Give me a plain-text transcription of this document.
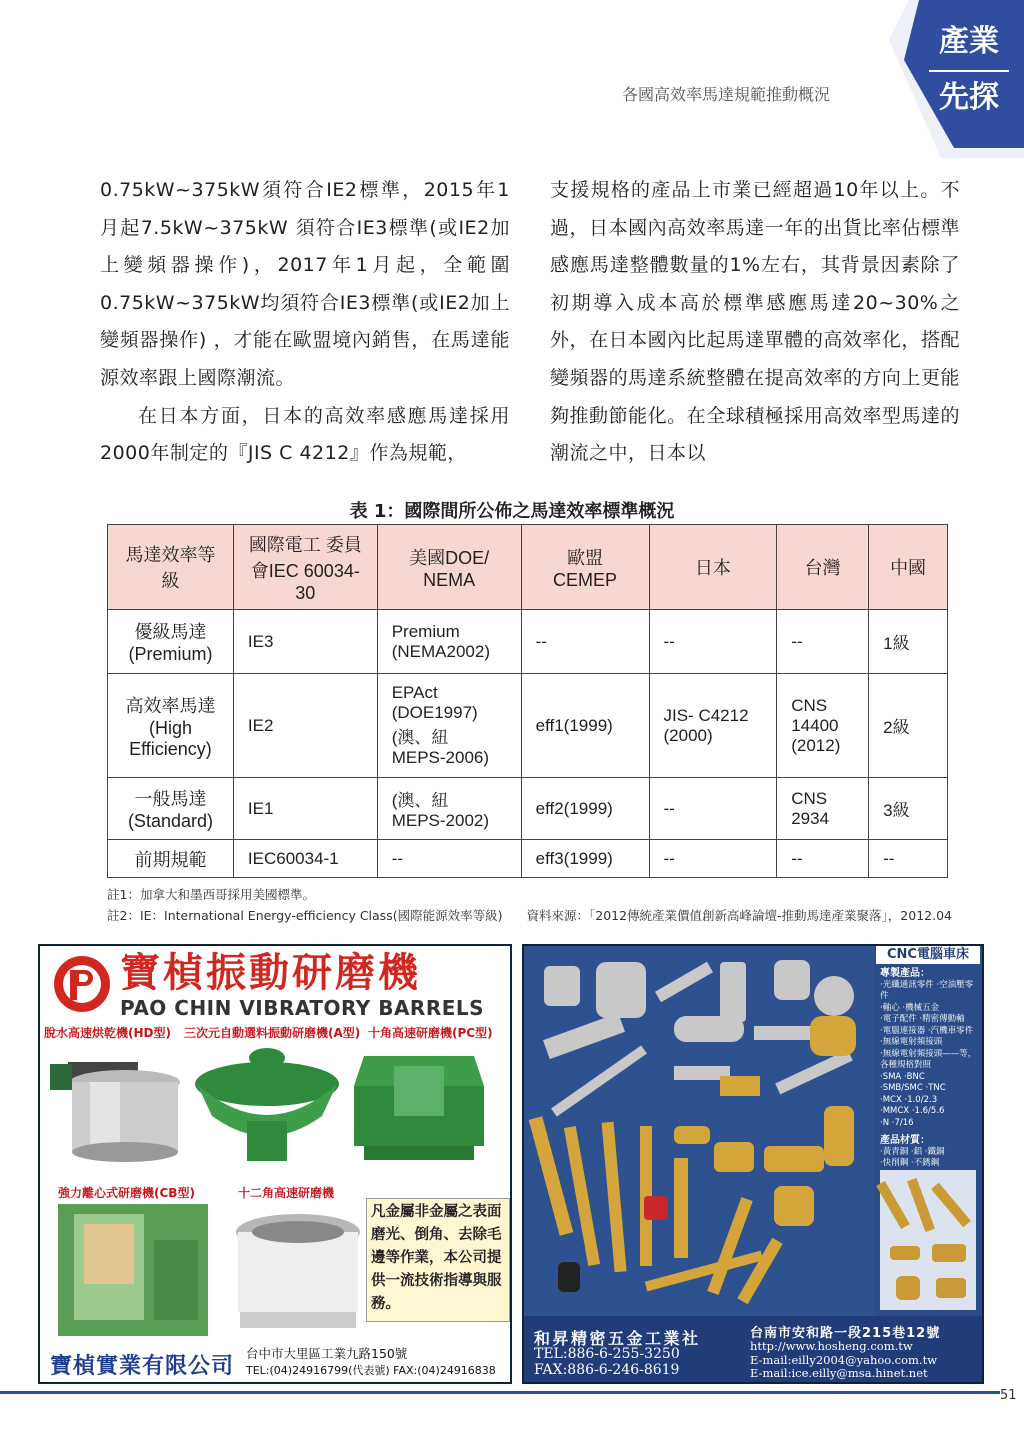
各國高效率馬達規範推動概況
產業
先探

0.75kW~375kW須符合IE2標準，2015年1月起7.5kW~375kW 須符合IE3標準(或IE2加上變頻器操作)，2017年1月起，全範圍0.75kW~375kW均須符合IE3標準(或IE2加上變頻器操作) ，才能在歐盟境內銷售，在馬達能源效率跟上國際潮流。

在日本方面，日本的高效率感應馬達採用2000年制定的『JIS C 4212』作為規範，

支援規格的產品上市業已經超過10年以上。不過，日本國內高效率馬達一年的出貨比率佔標準感應馬達整體數量的1%左右，其背景因素除了初期導入成本高於標準感應馬達20~30%之外，在日本國內比起馬達單體的高效率化，搭配變頻器的馬達系統整體在提高效率的方向上更能夠推動節能化。在全球積極採用高效率型馬達的潮流之中，日本以

表 1：國際間所公佈之馬達效率標準概況
馬達效率等級	國際電工 委員會IEC 60034-30	美國DOE/ NEMA	歐盟CEMEP	日本	台灣	中國
優級馬達 (Premium)	IE3	Premium (NEMA2002)	--	--	--	1級
高效率馬達(High Efficiency)	IE2	EPAct (DOE1997) (澳、紐 MEPS-2006)	eff1(1999)	JIS- C4212 (2000)	CNS 14400 (2012)	2級
一般馬達 (Standard)	IE1	(澳、紐 MEPS-2002)	eff2(1999)	--	CNS 2934	3級
前期規範	IEC60034-1	--	eff3(1999)	--	--	--
註1：加拿大和墨西哥採用美國標準。
註2：IE：International Energy-efficiency Class(國際能源效率等級)	資料來源：「2012傳統產業價值創新高峰論壇-推動馬達產業聚落」，2012.04
寶楨振動研磨機
PAO CHIN VIBRATORY BARRELS
脫水高速烘乾機(HD型) 三次元自動選料振動研磨機(A型) 十角高速研磨機(PC型)
強力離心式研磨機(CB型)	十二角高速研磨機
凡金屬非金屬之表面磨光、倒角、去除毛邊等作業，本公司提供一流技術指導與服務。
寶楨實業有限公司
台中市大里區工業九路150號
TEL:(04)24916799(代表號) FAX:(04)24916838
CNC電腦車床
專製產品：
·光纖通訊零件 ·空油壓零件
·軸心 ·機械五金
·電子配件 ·精密傳動軸
·電腦連接器 ·汽機車零件
·無線電射頻接頭
·無線電射頻接頭——等，各種規格對照
·SMA ·BNC
·SMB/SMC ·TNC
·MCX ·1.0/2.3
·MMCX ·1.6/5.6
·N ·7/16
產品材質：
·黃青銅 ·鋁 ·鐵銅
·快削鋼 ·不銹鋼
和昇精密五金工業社
TEL:886-6-255-3250
FAX:886-6-246-8619
台南市安和路一段215巷12號
http://www.hosheng.com.tw
E-mail:eilly2004@yahoo.com.tw
E-mail:ice.eilly@msa.hinet.net
51
